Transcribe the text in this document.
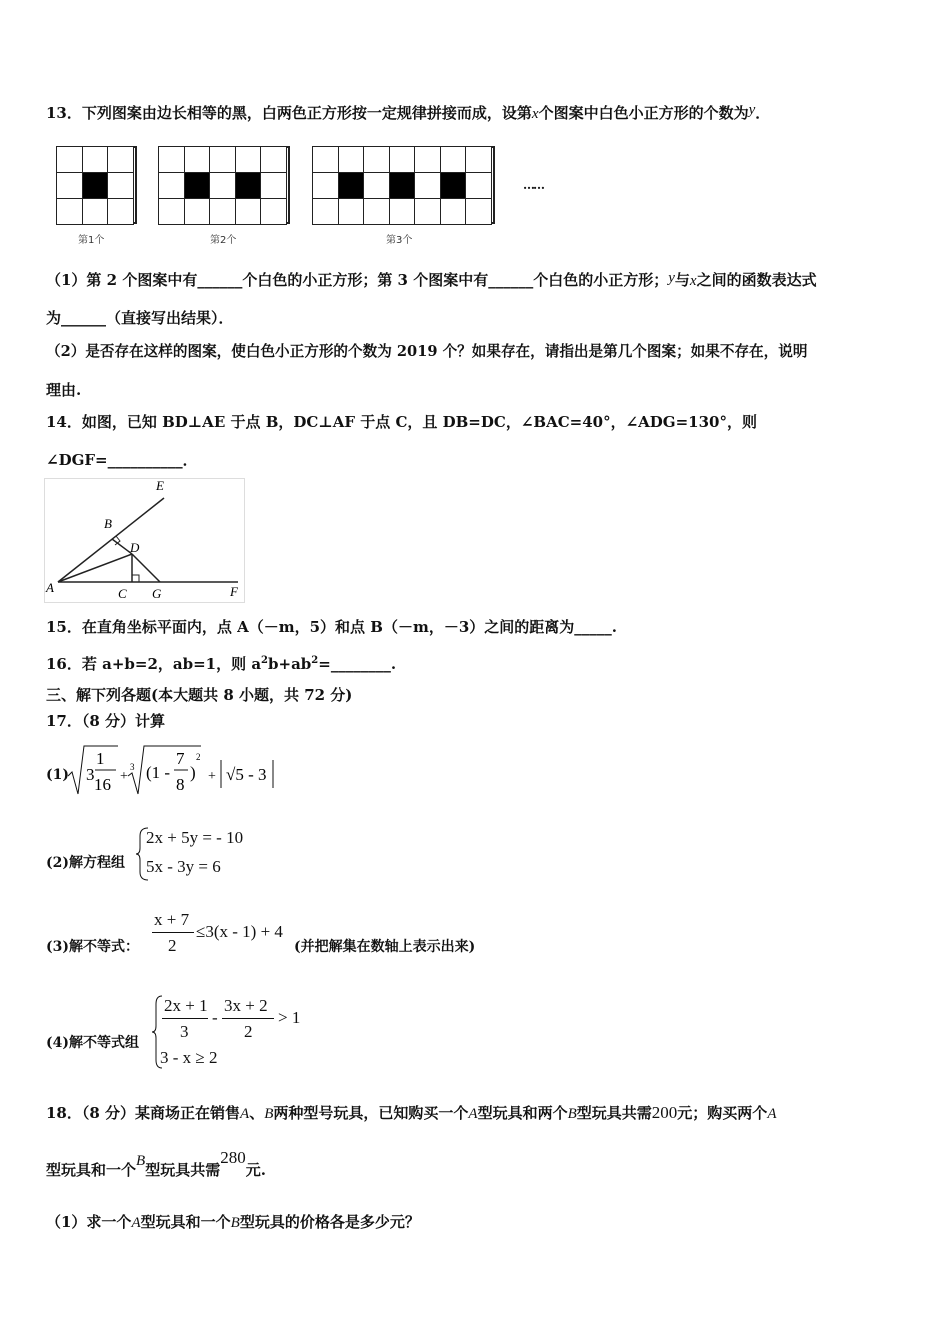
13．下列图案由边长相等的黑，白两色正方形按一定规律拼接而成，设第x个图案中白色小正方形的个数为y．
第1个	第2个	第3个
……
（1）第 2 个图案中有______个白色的小正方形；第 3 个图案中有______个白色的小正方形；y与x之间的函数表达式
为______（直接写出结果）．
（2）是否存在这样的图案，使白色小正方形的个数为 2019 个？如果存在，请指出是第几个图案；如果不存在，说明
理由.
14．如图，已知 BD⊥AE 于点 B，DC⊥AF 于点 C，且 DB=DC，∠BAC=40°，∠ADG=130°，则
∠DGF=__________．
E
B
D
A	C G	F
15．在直角坐标平面内，点 A（－m，5）和点 B（－m，－3）之间的距离为_____.
16．若 a+b=2，ab=1，则 $a^2b+ab^2=\_\_\_\_\_\_\_\_$.
三、解下列各题(本大题共 8 小题，共 72 分)
17．（8 分）计算
(1) 3
1
16 +
3 (1 -
7
8
)
2
+ √5 - 3
(2)解方程组
2x + 5y = - 10
5x - 3y = 6
(3)解不等式：
x + 7
2
≤3(x - 1) + 4
(并把解集在数轴上表示出来)
(4)解不等式组
2x + 1
3
-
3x + 2
2
> 1
3 - x ≥ 2
18．（8 分）某商场正在销售A、B两种型号玩具，已知购买一个A型玩具和两个B型玩具共需200元；购买两个A
型玩具和一个B型玩具共需280元.
（1）求一个A型玩具和一个B型玩具的价格各是多少元？
